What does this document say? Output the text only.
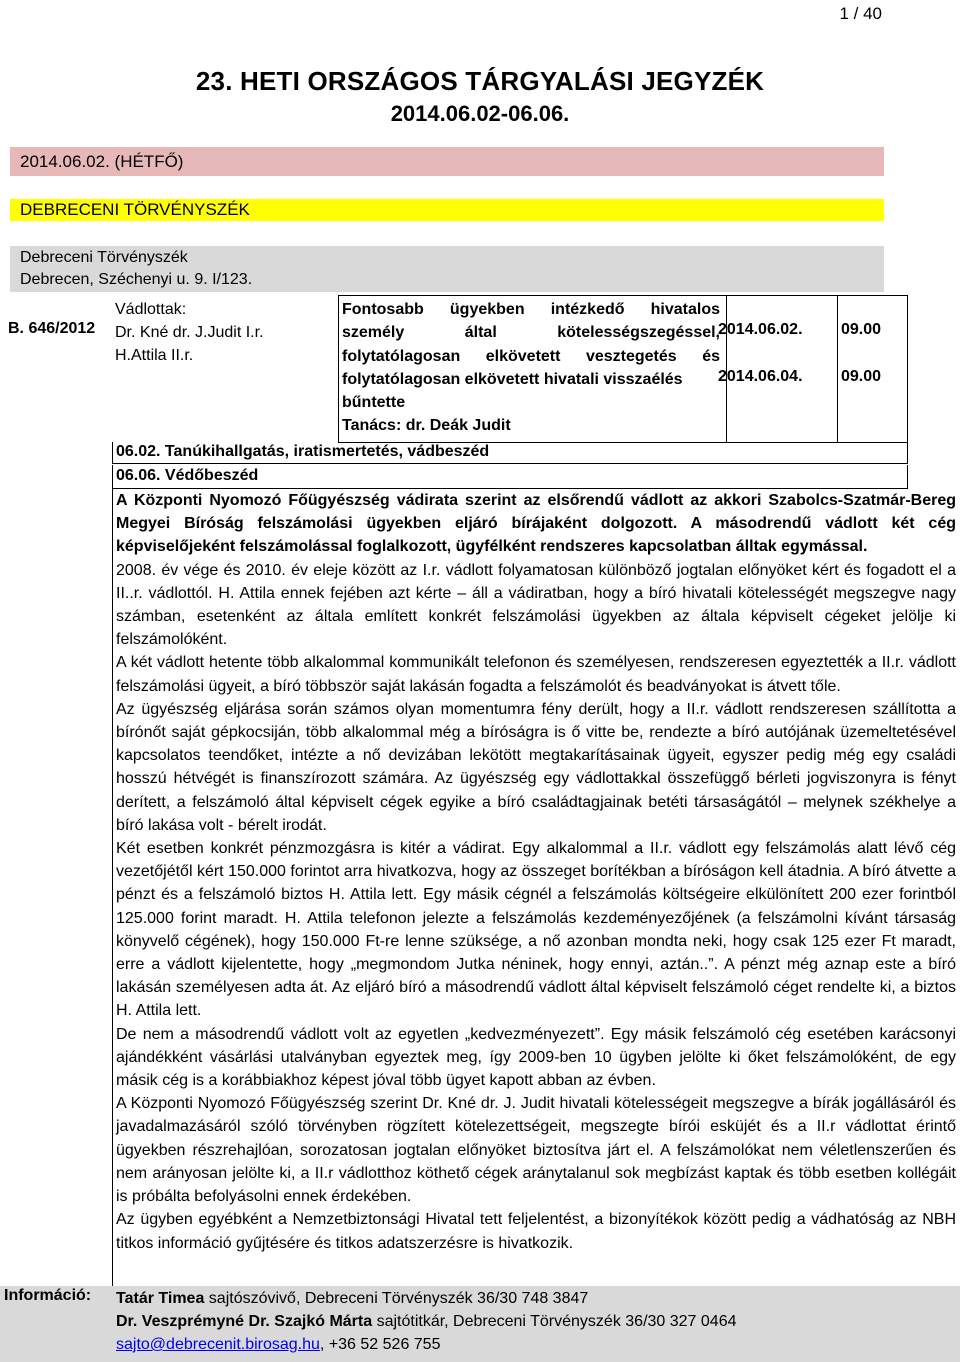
1 / 40
23. HETI ORSZÁGOS TÁRGYALÁSI JEGYZÉK
2014.06.02-06.06.
2014.06.02. (HÉTFŐ)
DEBRECENI TÖRVÉNYSZÉK
Debreceni Törvényszék
Debrecen, Széchenyi u. 9. I/123.
B. 646/2012
Vádlottak:
Dr. Kné dr. J.Judit I.r.
H.Attila II.r.
Fontosabb ügyekben intézkedő hivatalos személy által kötelességszegéssel, folytatólagosan elkövetett vesztegetés és folytatólagosan elkövetett hivatali visszaélés
bűntette
Tanács: dr. Deák Judit
2014.06.02. 09.00
2014.06.04. 09.00
06.02. Tanúkihallgatás, iratismertetés, vádbeszéd
06.06. Védőbeszéd

A Központi Nyomozó Főügyészség vádirata szerint az elsőrendű vádlott az akkori Szabolcs-Szatmár-Bereg Megyei Bíróság felszámolási ügyekben eljáró bírájaként dolgozott. A másodrendű vádlott két cég képviselőjeként felszámolással foglalkozott, ügyfélként rendszeres kapcsolatban álltak egymással.

2008. év vége és 2010. év eleje között az I.r. vádlott folyamatosan különböző jogtalan előnyöket kért és fogadott el a II..r. vádlottól. H. Attila ennek fejében azt kérte – áll a vádiratban, hogy a bíró hivatali kötelességét megszegve nagy számban, esetenként az általa említett konkrét felszámolási ügyekben az általa képviselt cégeket jelölje ki felszámolóként.

A két vádlott hetente több alkalommal kommunikált telefonon és személyesen, rendszeresen egyeztették a II.r. vádlott felszámolási ügyeit, a bíró többször saját lakásán fogadta a felszámolót és beadványokat is átvett tőle.

Az ügyészség eljárása során számos olyan momentumra fény derült, hogy a II.r. vádlott rendszeresen szállította a bírónőt saját gépkocsiján, több alkalommal még a bíróságra is ő vitte be, rendezte a bíró autójának üzemeltetésével kapcsolatos teendőket, intézte a nő devizában lekötött megtakarításainak ügyeit, egyszer pedig még egy családi hosszú hétvégét is finanszírozott számára. Az ügyészség egy vádlottakkal összefüggő bérleti jogviszonyra is fényt derített, a felszámoló által képviselt cégek egyike a bíró családtagjainak betéti társaságától – melynek székhelye a bíró lakása volt - bérelt irodát.

Két esetben konkrét pénzmozgásra is kitér a vádirat. Egy alkalommal a II.r. vádlott egy felszámolás alatt lévő cég vezetőjétől kért 150.000 forintot arra hivatkozva, hogy az összeget borítékban a bíróságon kell átadnia. A bíró átvette a pénzt és a felszámoló biztos H. Attila lett. Egy másik cégnél a felszámolás költségeire elkülönített 200 ezer forintból 125.000 forint maradt. H. Attila telefonon jelezte a felszámolás kezdeményezőjének (a felszámolni kívánt társaság könyvelő cégének), hogy 150.000 Ft-re lenne szüksége, a nő azonban mondta neki, hogy csak 125 ezer Ft maradt, erre a vádlott kijelentette, hogy „megmondom Jutka néninek, hogy ennyi, aztán..”. A pénzt még aznap este a bíró lakásán személyesen adta át. Az eljáró bíró a másodrendű vádlott által képviselt felszámoló céget rendelte ki, a biztos H. Attila lett.

De nem a másodrendű vádlott volt az egyetlen „kedvezményezett”. Egy másik felszámoló cég esetében karácsonyi ajándékként vásárlási utalványban egyeztek meg, így 2009-ben 10 ügyben jelölte ki őket felszámolóként, de egy másik cég is a korábbiakhoz képest jóval több ügyet kapott abban az évben.

A Központi Nyomozó Főügyészség szerint Dr. Kné dr. J. Judit hivatali kötelességeit megszegve a bírák jogállásáról és javadalmazásáról szóló törvényben rögzített kötelezettségeit, megszegte bírói esküjét és a II.r vádlottat érintő ügyekben részrehajlóan, sorozatosan jogtalan előnyöket biztosítva járt el. A felszámolókat nem véletlenszerűen és nem arányosan jelölte ki, a II.r vádlotthoz köthető cégek aránytalanul sok megbízást kaptak és több esetben kollégáit is próbálta befolyásolni ennek érdekében.

Az ügyben egyébként a Nemzetbiztonsági Hivatal tett feljelentést, a bizonyítékok között pedig a vádhatóság az NBH titkos információ gyűjtésére és titkos adatszerzésre is hivatkozik.

Információ: Tatár Timea sajtószóvivő, Debreceni Törvényszék 36/30 748 3847
Dr. Veszprémyné Dr. Szajkó Márta sajtótitkár, Debreceni Törvényszék 36/30 327 0464
sajto@debrecenit.birosag.hu, +36 52 526 755
